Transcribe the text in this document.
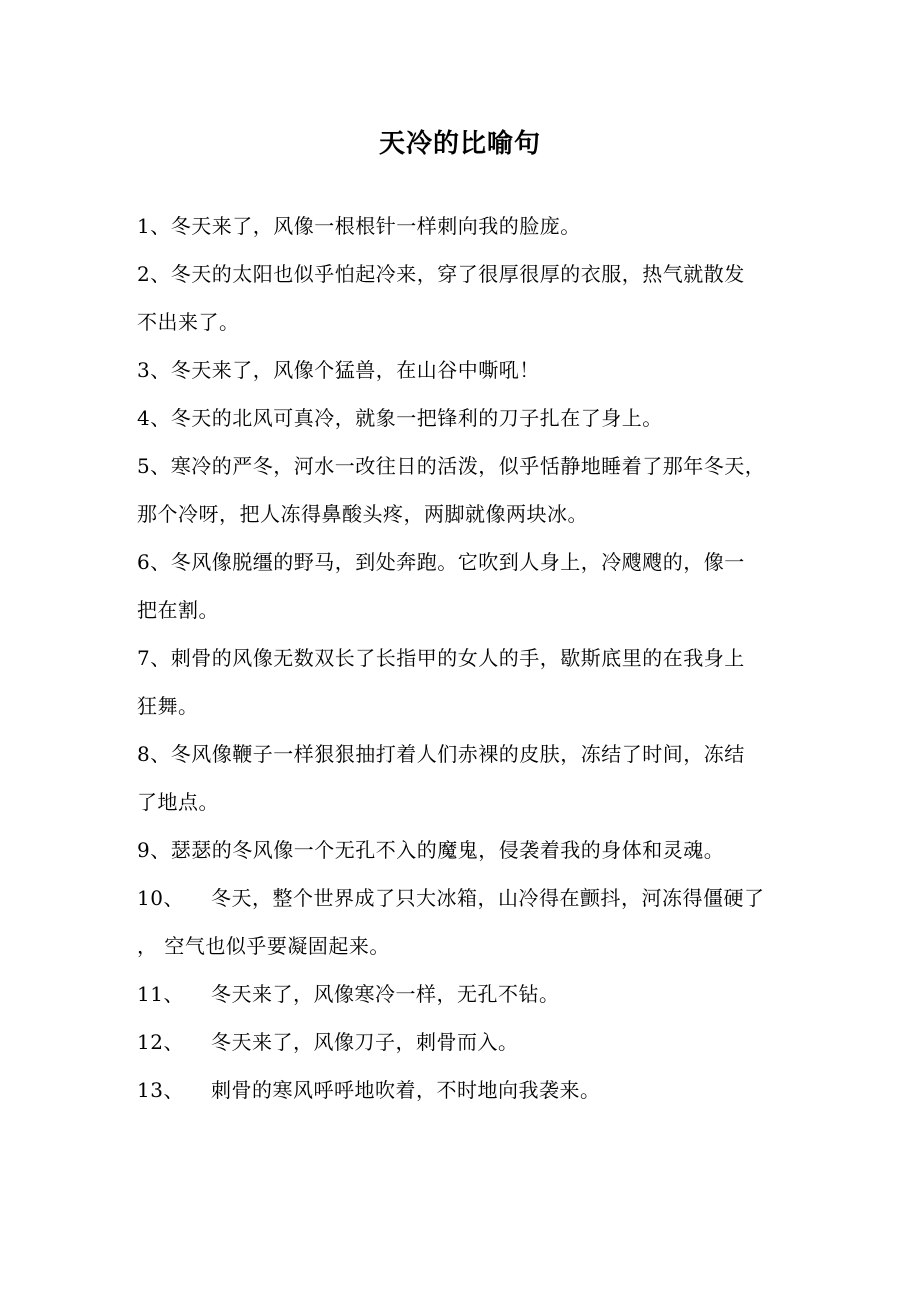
天冷的比喻句
1、冬天来了，风像一根根针一样刺向我的脸庞。
2、冬天的太阳也似乎怕起冷来，穿了很厚很厚的衣服，热气就散发
不出来了。
3、冬天来了，风像个猛兽，在山谷中嘶吼！
4、冬天的北风可真冷，就象一把锋利的刀子扎在了身上。
5、寒冷的严冬，河水一改往日的活泼，似乎恬静地睡着了那年冬天，
那个冷呀，把人冻得鼻酸头疼，两脚就像两块冰。
6、冬风像脱缰的野马，到处奔跑。它吹到人身上，冷飕飕的，像一
把在割。
7、刺骨的风像无数双长了长指甲的女人的手，歇斯底里的在我身上
狂舞。
8、冬风像鞭子一样狠狠抽打着人们赤裸的皮肤，冻结了时间，冻结
了地点。
9、瑟瑟的冬风像一个无孔不入的魔鬼，侵袭着我的身体和灵魂。
10、 冬天，整个世界成了只大冰箱，山冷得在颤抖，河冻得僵硬了
， 空气也似乎要凝固起来。
11、 冬天来了，风像寒冷一样，无孔不钻。
12、 冬天来了，风像刀子，刺骨而入。
13、 刺骨的寒风呼呼地吹着，不时地向我袭来。
